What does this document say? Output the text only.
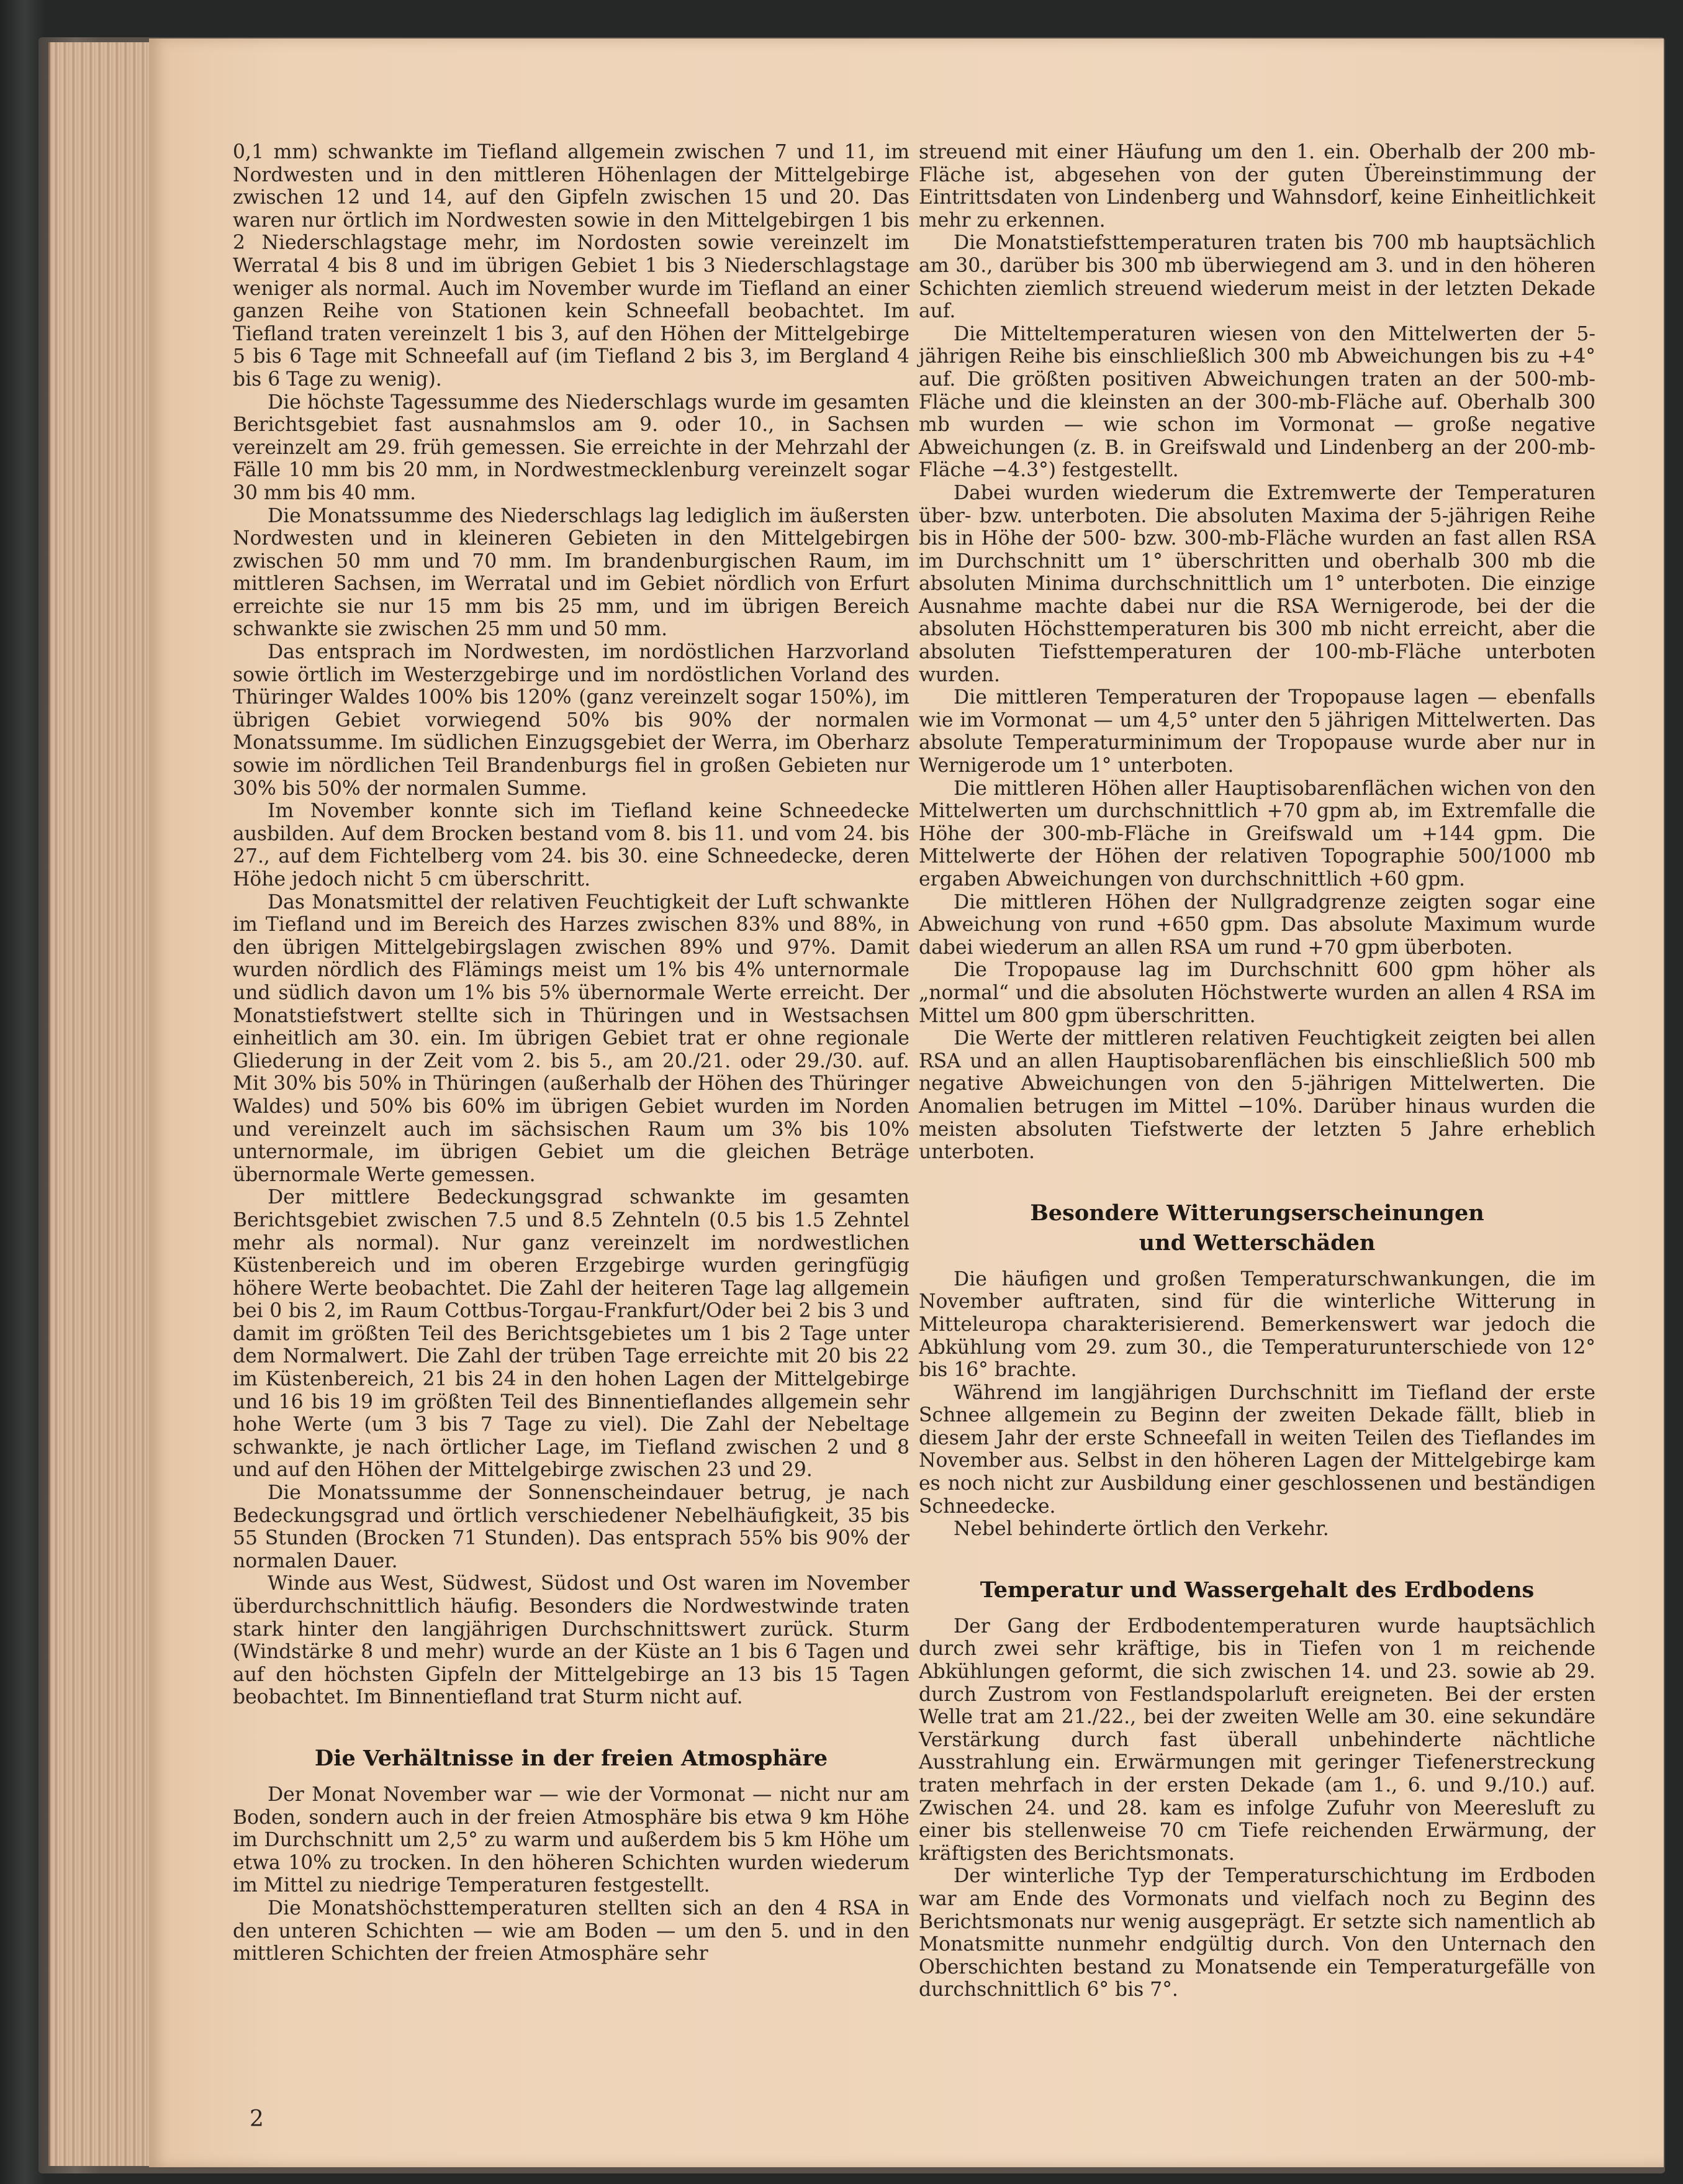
0,1 mm) schwankte im Tiefland allgemein zwischen 7 und 11, im Nordwesten und in den mittleren Höhenlagen der Mittelgebirge zwischen 12 und 14, auf den Gipfeln zwischen 15 und 20. Das waren nur örtlich im Nordwesten sowie in den Mittelgebirgen 1 bis 2 Niederschlagstage mehr, im Nordosten sowie vereinzelt im Werratal 4 bis 8 und im übrigen Gebiet 1 bis 3 Niederschlagstage weniger als normal. Auch im November wurde im Tiefland an einer ganzen Reihe von Stationen kein Schneefall beobachtet. Im Tiefland traten vereinzelt 1 bis 3, auf den Höhen der Mittelgebirge 5 bis 6 Tage mit Schneefall auf (im Tiefland 2 bis 3, im Bergland 4 bis 6 Tage zu wenig).

Die höchste Tagessumme des Niederschlags wurde im gesamten Berichtsgebiet fast ausnahmslos am 9. oder 10., in Sachsen vereinzelt am 29. früh gemessen. Sie erreichte in der Mehrzahl der Fälle 10 mm bis 20 mm, in Nordwestmecklenburg vereinzelt sogar 30 mm bis 40 mm.

Die Monatssumme des Niederschlags lag lediglich im äußersten Nordwesten und in kleineren Gebieten in den Mittelgebirgen zwischen 50 mm und 70 mm. Im brandenburgischen Raum, im mittleren Sachsen, im Werratal und im Gebiet nördlich von Erfurt erreichte sie nur 15 mm bis 25 mm, und im übrigen Bereich schwankte sie zwischen 25 mm und 50 mm.

Das entsprach im Nordwesten, im nordöstlichen Harzvorland sowie örtlich im Westerzgebirge und im nordöstlichen Vorland des Thüringer Waldes 100% bis 120% (ganz vereinzelt sogar 150%), im übrigen Gebiet vorwiegend 50% bis 90% der normalen Monatssumme. Im südlichen Einzugsgebiet der Werra, im Oberharz sowie im nördlichen Teil Brandenburgs fiel in großen Gebieten nur 30% bis 50% der normalen Summe.

Im November konnte sich im Tiefland keine Schneedecke ausbilden. Auf dem Brocken bestand vom 8. bis 11. und vom 24. bis 27., auf dem Fichtelberg vom 24. bis 30. eine Schneedecke, deren Höhe jedoch nicht 5 cm überschritt.

Das Monatsmittel der relativen Feuchtigkeit der Luft schwankte im Tiefland und im Bereich des Harzes zwischen 83% und 88%, in den übrigen Mittelgebirgslagen zwischen 89% und 97%. Damit wurden nördlich des Flämings meist um 1% bis 4% unternormale und südlich davon um 1% bis 5% übernormale Werte erreicht. Der Monatstiefstwert stellte sich in Thüringen und in Westsachsen einheitlich am 30. ein. Im übrigen Gebiet trat er ohne regionale Gliederung in der Zeit vom 2. bis 5., am 20./21. oder 29./30. auf. Mit 30% bis 50% in Thüringen (außerhalb der Höhen des Thüringer Waldes) und 50% bis 60% im übrigen Gebiet wurden im Norden und vereinzelt auch im sächsischen Raum um 3% bis 10% unternormale, im übrigen Gebiet um die gleichen Beträge übernormale Werte gemessen.

Der mittlere Bedeckungsgrad schwankte im gesamten Berichtsgebiet zwischen 7.5 und 8.5 Zehnteln (0.5 bis 1.5 Zehntel mehr als normal). Nur ganz vereinzelt im nordwestlichen Küstenbereich und im oberen Erzgebirge wurden geringfügig höhere Werte beobachtet. Die Zahl der heiteren Tage lag allgemein bei 0 bis 2, im Raum Cottbus-Torgau-Frankfurt/Oder bei 2 bis 3 und damit im größten Teil des Berichtsgebietes um 1 bis 2 Tage unter dem Normalwert. Die Zahl der trüben Tage erreichte mit 20 bis 22 im Küstenbereich, 21 bis 24 in den hohen Lagen der Mittelgebirge und 16 bis 19 im größten Teil des Binnentieflandes allgemein sehr hohe Werte (um 3 bis 7 Tage zu viel). Die Zahl der Nebeltage schwankte, je nach örtlicher Lage, im Tiefland zwischen 2 und 8 und auf den Höhen der Mittelgebirge zwischen 23 und 29.

Die Monatssumme der Sonnenscheindauer betrug, je nach Bedeckungsgrad und örtlich verschiedener Nebelhäufigkeit, 35 bis 55 Stunden (Brocken 71 Stunden). Das entsprach 55% bis 90% der normalen Dauer.

Winde aus West, Südwest, Südost und Ost waren im November überdurchschnittlich häufig. Besonders die Nordwestwinde traten stark hinter den langjährigen Durchschnittswert zurück. Sturm (Windstärke 8 und mehr) wurde an der Küste an 1 bis 6 Tagen und auf den höchsten Gipfeln der Mittelgebirge an 13 bis 15 Tagen beobachtet. Im Binnentiefland trat Sturm nicht auf.

Die Verhältnisse in der freien Atmosphäre

Der Monat November war — wie der Vormonat — nicht nur am Boden, sondern auch in der freien Atmosphäre bis etwa 9 km Höhe im Durchschnitt um 2,5° zu warm und außerdem bis 5 km Höhe um etwa 10% zu trocken. In den höheren Schichten wurden wiederum im Mittel zu niedrige Temperaturen festgestellt.

Die Monatshöchsttemperaturen stellten sich an den 4 RSA in den unteren Schichten — wie am Boden — um den 5. und in den mittleren Schichten der freien Atmosphäre sehr

streuend mit einer Häufung um den 1. ein. Oberhalb der 200 mb-Fläche ist, abgesehen von der guten Übereinstimmung der Eintrittsdaten von Lindenberg und Wahnsdorf, keine Einheitlichkeit mehr zu erkennen.

Die Monatstiefsttemperaturen traten bis 700 mb hauptsächlich am 30., darüber bis 300 mb überwiegend am 3. und in den höheren Schichten ziemlich streuend wiederum meist in der letzten Dekade auf.

Die Mitteltemperaturen wiesen von den Mittelwerten der 5-jährigen Reihe bis einschließlich 300 mb Abweichungen bis zu +4° auf. Die größten positiven Abweichungen traten an der 500-mb-Fläche und die kleinsten an der 300-mb-Fläche auf. Oberhalb 300 mb wurden — wie schon im Vormonat — große negative Abweichungen (z. B. in Greifswald und Lindenberg an der 200-mb-Fläche −4.3°) festgestellt.

Dabei wurden wiederum die Extremwerte der Temperaturen über- bzw. unterboten. Die absoluten Maxima der 5-jährigen Reihe bis in Höhe der 500- bzw. 300-mb-Fläche wurden an fast allen RSA im Durchschnitt um 1° überschritten und oberhalb 300 mb die absoluten Minima durchschnittlich um 1° unterboten. Die einzige Ausnahme machte dabei nur die RSA Wernigerode, bei der die absoluten Höchsttemperaturen bis 300 mb nicht erreicht, aber die absoluten Tiefsttemperaturen der 100-mb-Fläche unterboten wurden.

Die mittleren Temperaturen der Tropopause lagen — ebenfalls wie im Vormonat — um 4,5° unter den 5 jährigen Mittelwerten. Das absolute Temperaturminimum der Tropopause wurde aber nur in Wernigerode um 1° unterboten.

Die mittleren Höhen aller Hauptisobarenflächen wichen von den Mittelwerten um durchschnittlich +70 gpm ab, im Extremfalle die Höhe der 300-mb-Fläche in Greifswald um +144 gpm. Die Mittelwerte der Höhen der relativen Topographie 500/1000 mb ergaben Abweichungen von durchschnittlich +60 gpm.

Die mittleren Höhen der Nullgradgrenze zeigten sogar eine Abweichung von rund +650 gpm. Das absolute Maximum wurde dabei wiederum an allen RSA um rund +70 gpm überboten.

Die Tropopause lag im Durchschnitt 600 gpm höher als „normal“ und die absoluten Höchstwerte wurden an allen 4 RSA im Mittel um 800 gpm überschritten.

Die Werte der mittleren relativen Feuchtigkeit zeigten bei allen RSA und an allen Hauptisobarenflächen bis einschließlich 500 mb negative Abweichungen von den 5-jährigen Mittelwerten. Die Anomalien betrugen im Mittel −10%. Darüber hinaus wurden die meisten absoluten Tiefstwerte der letzten 5 Jahre erheblich unterboten.

Besondere Witterungserscheinungen
und Wetterschäden

Die häufigen und großen Temperaturschwankungen, die im November auftraten, sind für die winterliche Witterung in Mitteleuropa charakterisierend. Bemerkenswert war jedoch die Abkühlung vom 29. zum 30., die Temperaturunterschiede von 12° bis 16° brachte.

Während im langjährigen Durchschnitt im Tiefland der erste Schnee allgemein zu Beginn der zweiten Dekade fällt, blieb in diesem Jahr der erste Schneefall in weiten Teilen des Tieflandes im November aus. Selbst in den höheren Lagen der Mittelgebirge kam es noch nicht zur Ausbildung einer geschlossenen und beständigen Schneedecke.

Nebel behinderte örtlich den Verkehr.

Temperatur und Wassergehalt des Erdbodens

Der Gang der Erdbodentemperaturen wurde hauptsächlich durch zwei sehr kräftige, bis in Tiefen von 1 m reichende Abkühlungen geformt, die sich zwischen 14. und 23. sowie ab 29. durch Zustrom von Festlandspolarluft ereigneten. Bei der ersten Welle trat am 21./22., bei der zweiten Welle am 30. eine sekundäre Verstärkung durch fast überall unbehinderte nächtliche Ausstrahlung ein. Erwärmungen mit geringer Tiefenerstreckung traten mehrfach in der ersten Dekade (am 1., 6. und 9./10.) auf. Zwischen 24. und 28. kam es infolge Zufuhr von Meeresluft zu einer bis stellenweise 70 cm Tiefe reichenden Erwärmung, der kräftigsten des Berichtsmonats.

Der winterliche Typ der Temperaturschichtung im Erdboden war am Ende des Vormonats und vielfach noch zu Beginn des Berichtsmonats nur wenig ausgeprägt. Er setzte sich namentlich ab Monatsmitte nunmehr endgültig durch. Von den Unternach den Oberschichten bestand zu Monatsende ein Temperaturgefälle von durchschnittlich 6° bis 7°.

2
